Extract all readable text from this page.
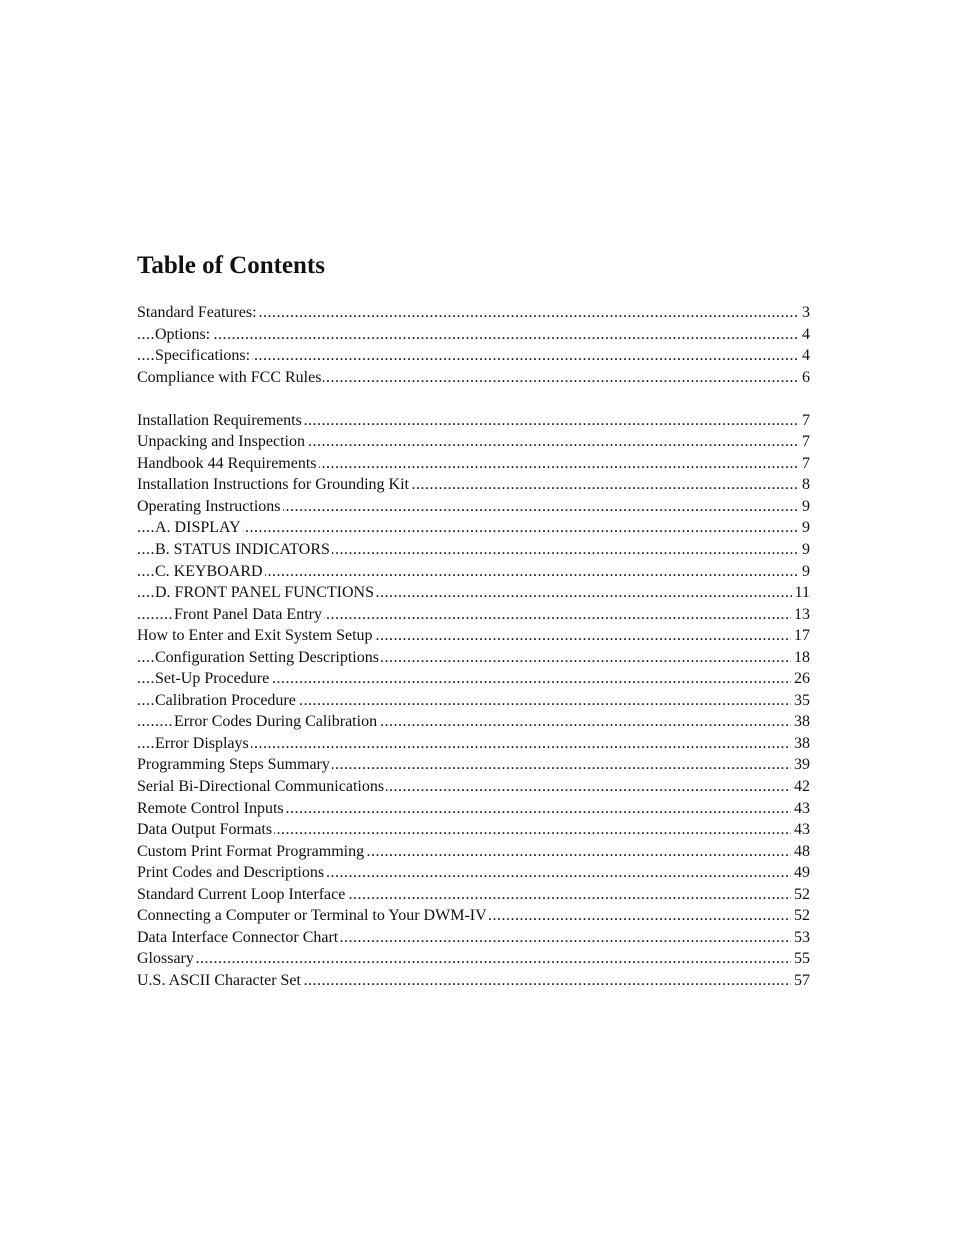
Table of Contents
.....
Standard Features:	3
.....
Options:	4
.....
Specifications:	4
.....
Compliance with FCC Rules	6
.....
Installation Requirements	7
.....
Unpacking and Inspection	7
.....
Handbook 44 Requirements	7
.....
Installation Instructions for Grounding Kit	8
.....
Operating Instructions	9
.....
A. DISPLAY	9
.....
B. STATUS INDICATORS	9
.....
C. KEYBOARD	9
.....
D. FRONT PANEL FUNCTIONS	11
.....
Front Panel Data Entry	13
.....
How to Enter and Exit System Setup	17
.....
Configuration Setting Descriptions	18
.....
Set-Up Procedure	26
.....
Calibration Procedure	35
.....
Error Codes During Calibration	38
.....
Error Displays	38
.....
Programming Steps Summary	39
.....
Serial Bi-Directional Communications	42
.....
Remote Control Inputs	43
.....
Data Output Formats	43
.....
Custom Print Format Programming	48
.....
Print Codes and Descriptions	49
.....
Standard Current Loop Interface	52
.....
Connecting a Computer or Terminal to Your DWM-IV	52
.....
Data Interface Connector Chart	53
.....
Glossary	55
.....
U.S. ASCII Character Set	57
